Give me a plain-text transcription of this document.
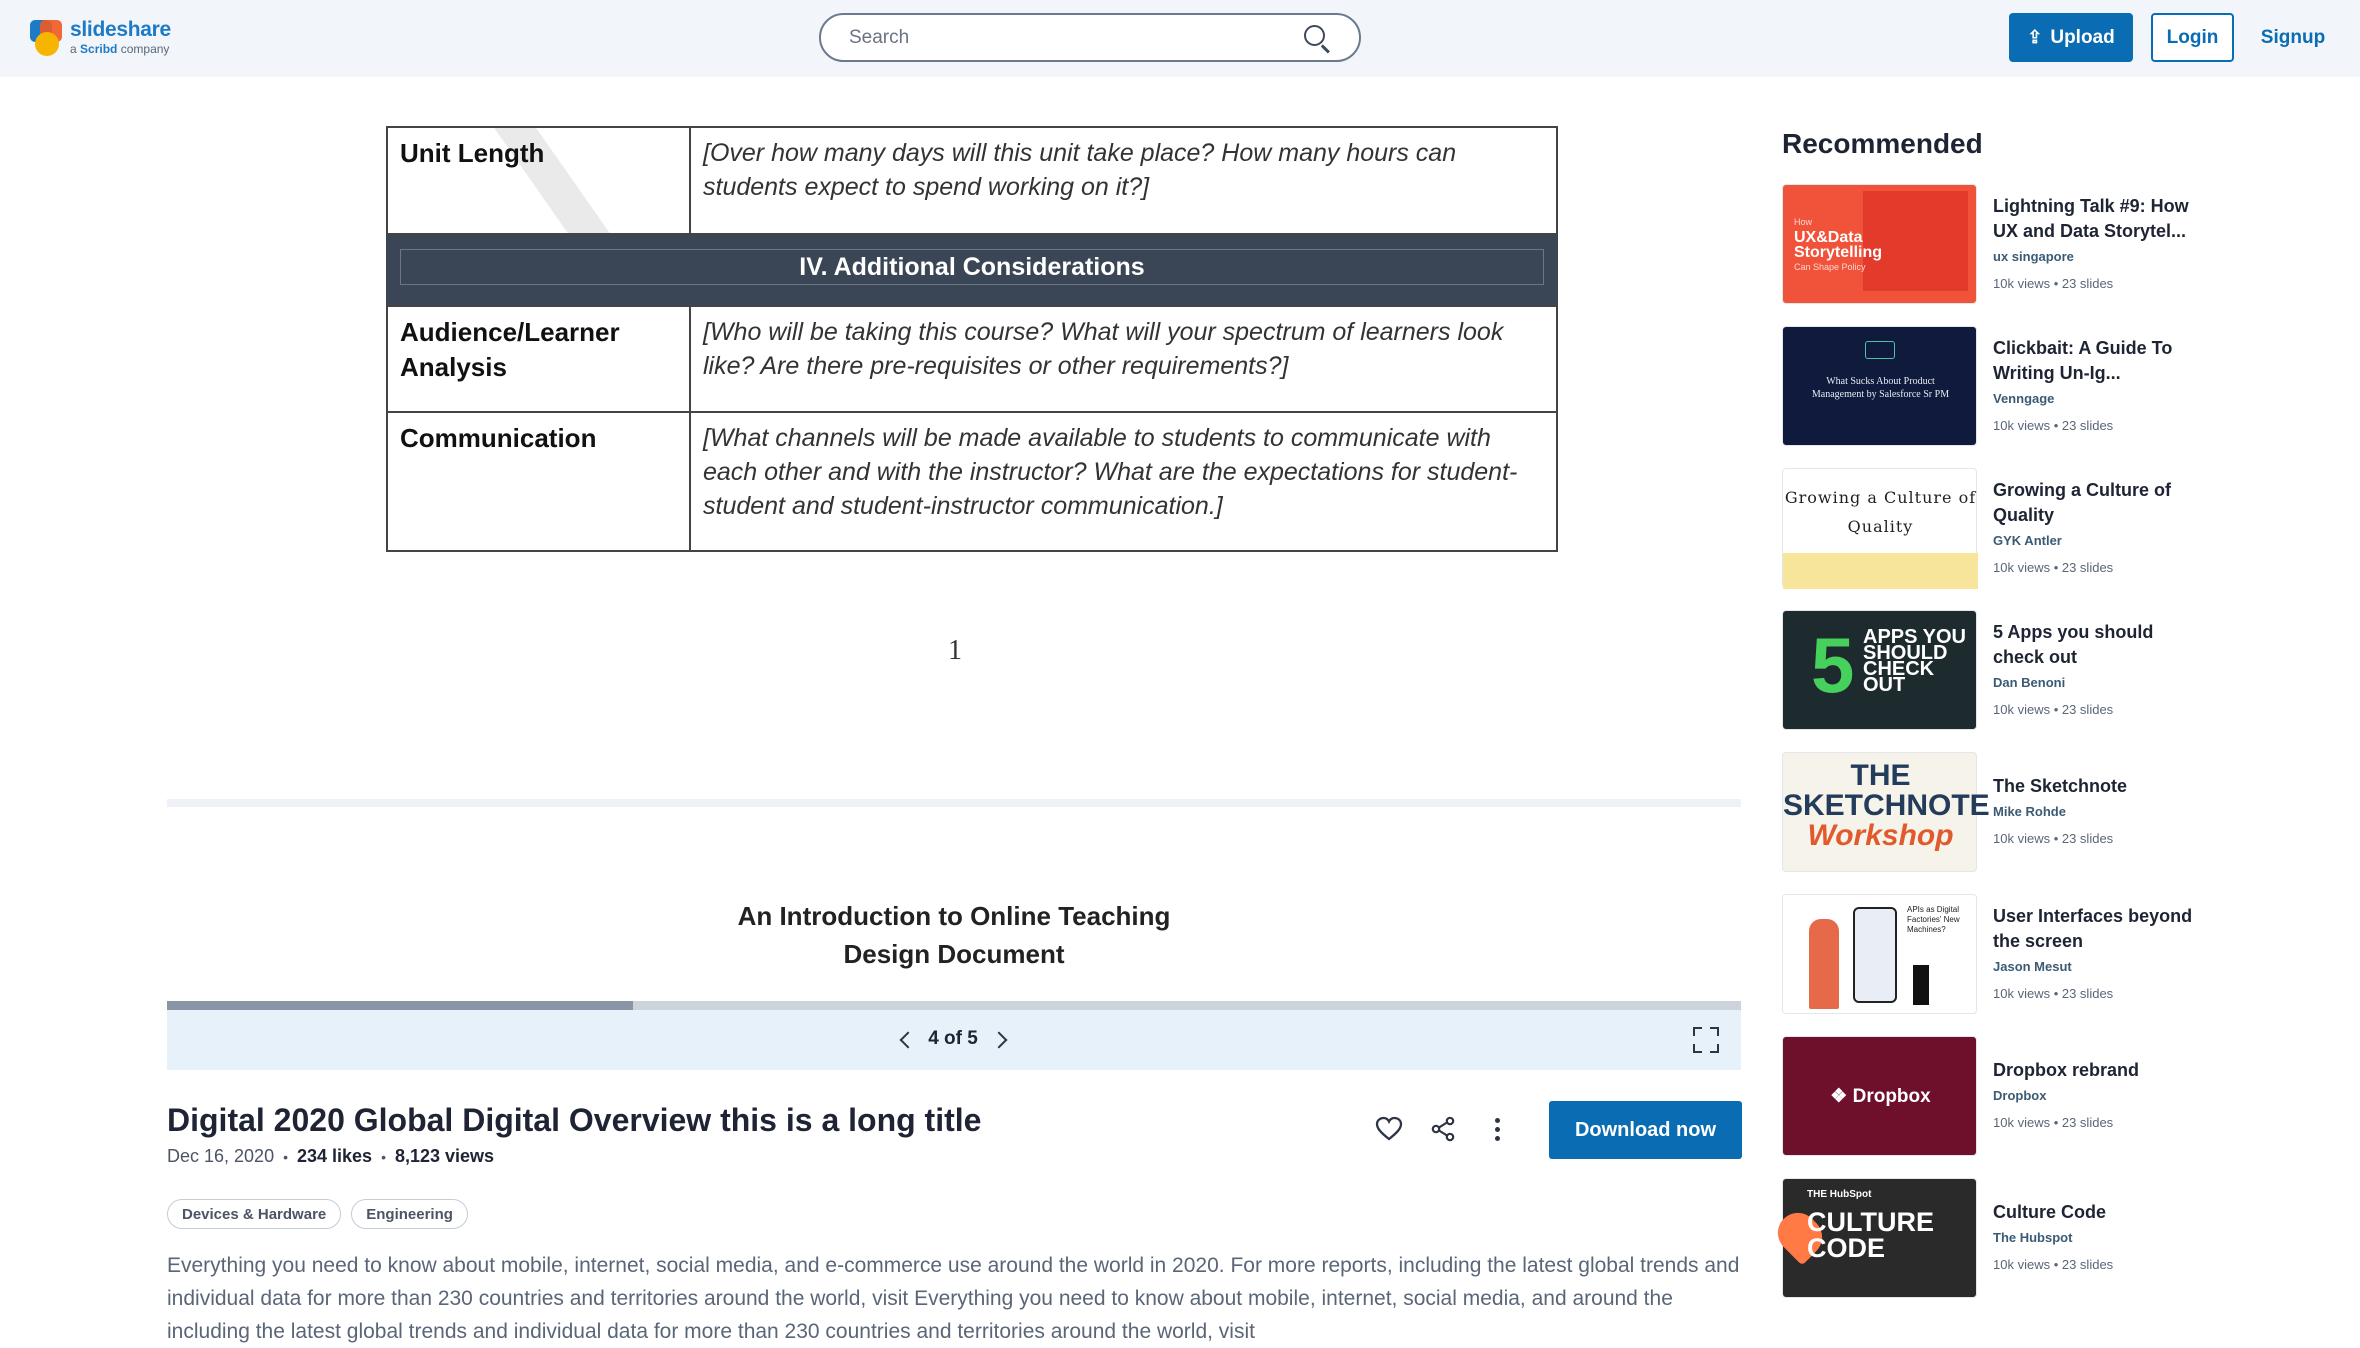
slideshare
a Scribd company
Search
⇪ Upload	Login	Signup
Unit Length	[Over how many days will this unit take place? How many hours can students expect to spend working on it?]

IV. Additional Considerations	

Audience/Learner Analysis	[Who will be taking this course? What will your spectrum of learners look like? Are there pre-requisites or other requirements?]
Communication	[What channels will be made available to students to communicate with each other and with the instructor? What are the expectations for student-student and student-instructor communication.]
1
An Introduction to Online Teaching
Design Document
4 of 5
Digital 2020 Global Digital Overview this is a long title
Dec 16, 2020 • 234 likes • 8,123 views
Download now
Devices & Hardware	Engineering
Everything you need to know about mobile, internet, social media, and e-commerce use around the world in 2020. For more reports, including the latest global trends and individual data for more than 230 countries and territories around the world, visit Everything you need to know about mobile, internet, social media, and around the including the latest global trends and individual data for more than 230 countries and territories around the world, visit
Recommended
How
UX&Data
Storytelling
Can Shape Policy
Lightning Talk #9: How UX and Data Storytel...
ux singapore
10k views • 23 slides
What Sucks About Product
Management by Salesforce Sr PM
Clickbait: A Guide To Writing Un-Ig...
Venngage
10k views • 23 slides
Growing a Culture of
Quality
Growing a Culture of Quality
GYK Antler
10k views • 23 slides
5 APPS YOU SHOULD CHECK OUT
5 Apps you should check out
Dan Benoni
10k views • 23 slides
THE
SKETCHNOTE
Workshop
The Sketchnote
Mike Rohde
10k views • 23 slides
APIs as Digital Factories' New Machines?
User Interfaces beyond the screen
Jason Mesut
10k views • 23 slides
❖ Dropbox
Dropbox rebrand
Dropbox
10k views • 23 slides
THE HubSpot
CULTURE
CODE
Culture Code
The Hubspot
10k views • 23 slides
